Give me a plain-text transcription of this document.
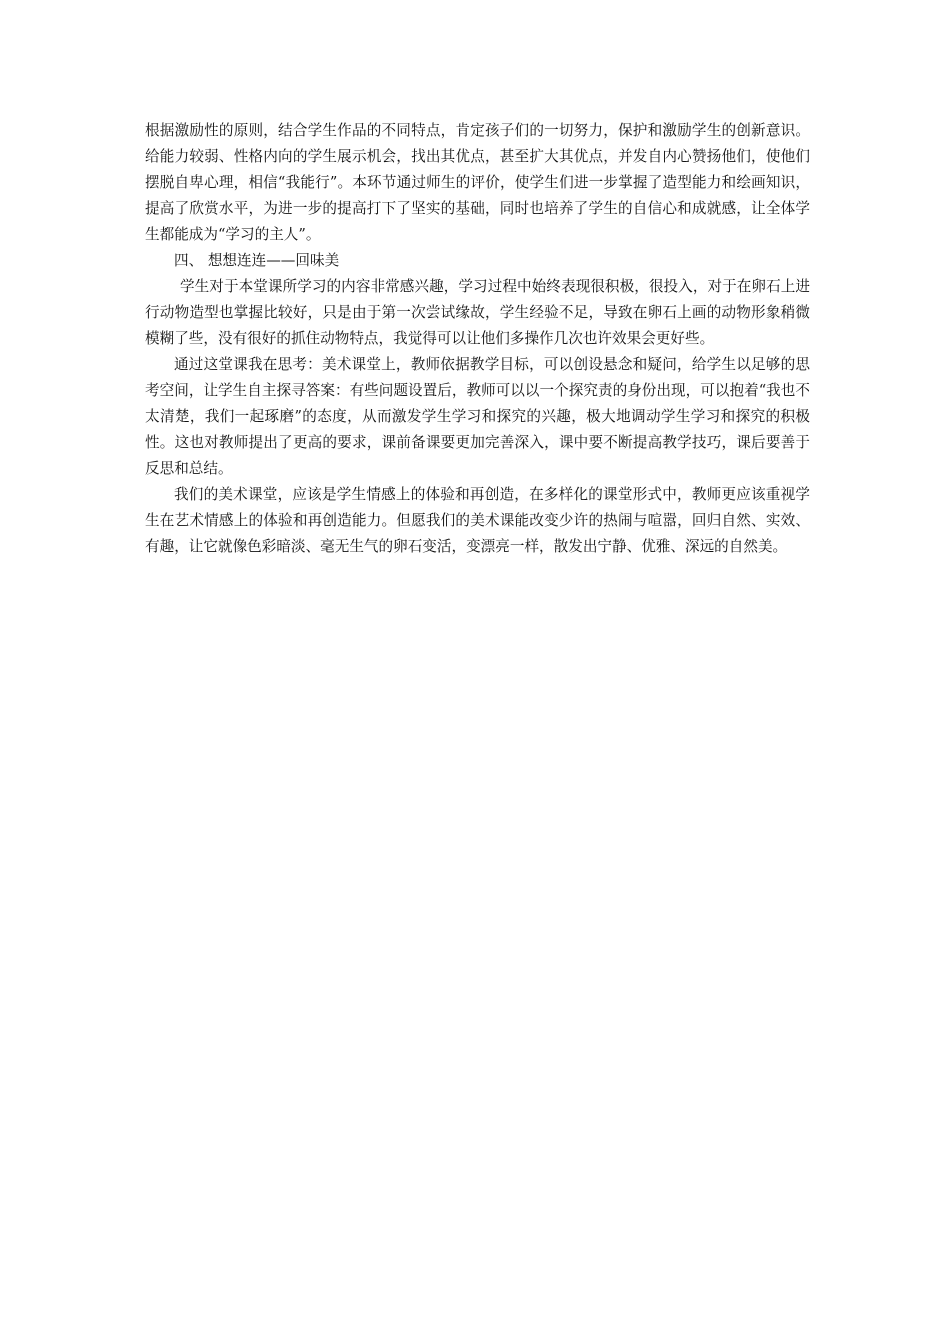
根据激励性的原则，结合学生作品的不同特点，肯定孩子们的一切努力，保护和激励学生的创新意识。给能力较弱、性格内向的学生展示机会，找出其优点，甚至扩大其优点，并发自内心赞扬他们，使他们摆脱自卑心理，相信“我能行”。本环节通过师生的评价，使学生们进一步掌握了造型能力和绘画知识，提高了欣赏水平，为进一步的提高打下了坚实的基础，同时也培养了学生的自信心和成就感，让全体学生都能成为“学习的主人”。

四、 想想连连——回味美

学生对于本堂课所学习的内容非常感兴趣，学习过程中始终表现很积极，很投入，对于在卵石上进行动物造型也掌握比较好，只是由于第一次尝试缘故，学生经验不足，导致在卵石上画的动物形象稍微模糊了些，没有很好的抓住动物特点，我觉得可以让他们多操作几次也许效果会更好些。

通过这堂课我在思考：美术课堂上，教师依据教学目标，可以创设悬念和疑问，给学生以足够的思考空间，让学生自主探寻答案：有些问题设置后，教师可以以一个探究责的身份出现，可以抱着“我也不太清楚，我们一起琢磨”的态度，从而激发学生学习和探究的兴趣，极大地调动学生学习和探究的积极性。这也对教师提出了更高的要求，课前备课要更加完善深入，课中要不断提高教学技巧，课后要善于反思和总结。

我们的美术课堂，应该是学生情感上的体验和再创造，在多样化的课堂形式中，教师更应该重视学生在艺术情感上的体验和再创造能力。但愿我们的美术课能改变少许的热闹与喧嚣，回归自然、实效、有趣，让它就像色彩暗淡、毫无生气的卵石变活，变漂亮一样，散发出宁静、优雅、深远的自然美。
